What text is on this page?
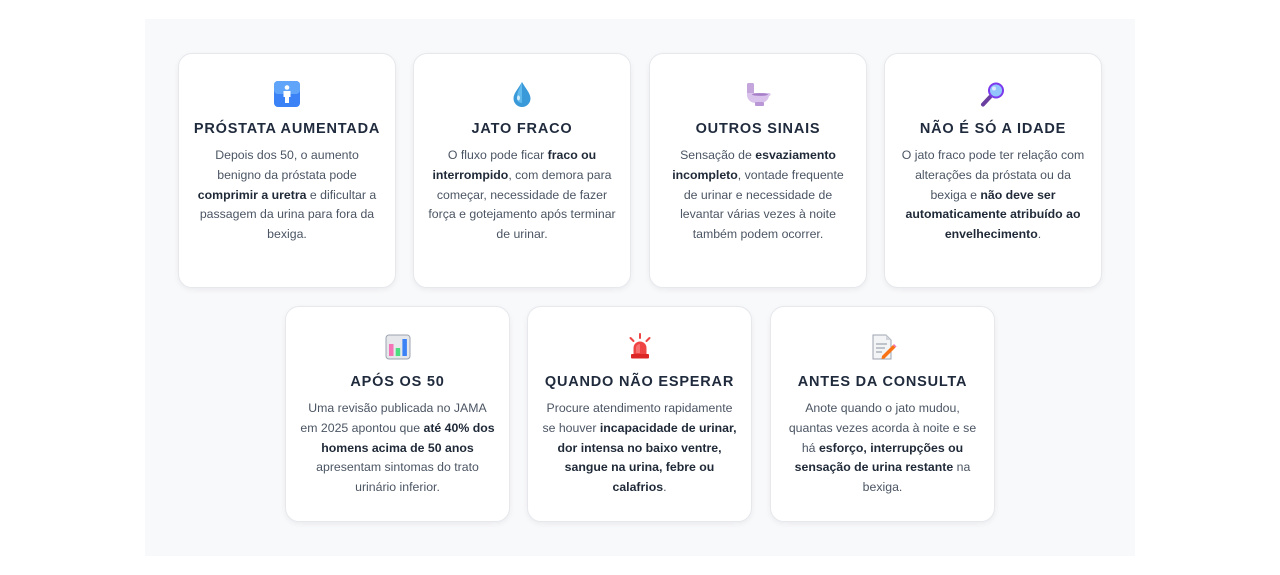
PRÓSTATA AUMENTADA
Depois dos 50, o aumento benigno da próstata pode comprimir a uretra e dificultar a passagem da urina para fora da bexiga.
JATO FRACO
O fluxo pode ficar fraco ou interrompido, com demora para começar, necessidade de fazer força e gotejamento após terminar de urinar.
OUTROS SINAIS
Sensação de esvaziamento incompleto, vontade frequente de urinar e necessidade de levantar várias vezes à noite também podem ocorrer.
NÃO É SÓ A IDADE
O jato fraco pode ter relação com alterações da próstata ou da bexiga e não deve ser automaticamente atribuído ao envelhecimento.
APÓS OS 50
Uma revisão publicada no JAMA em 2025 apontou que até 40% dos homens acima de 50 anos apresentam sintomas do trato urinário inferior.
QUANDO NÃO ESPERAR
Procure atendimento rapidamente se houver incapacidade de urinar, dor intensa no baixo ventre, sangue na urina, febre ou calafrios.
ANTES DA CONSULTA
Anote quando o jato mudou, quantas vezes acorda à noite e se há esforço, interrupções ou sensação de urina restante na bexiga.
